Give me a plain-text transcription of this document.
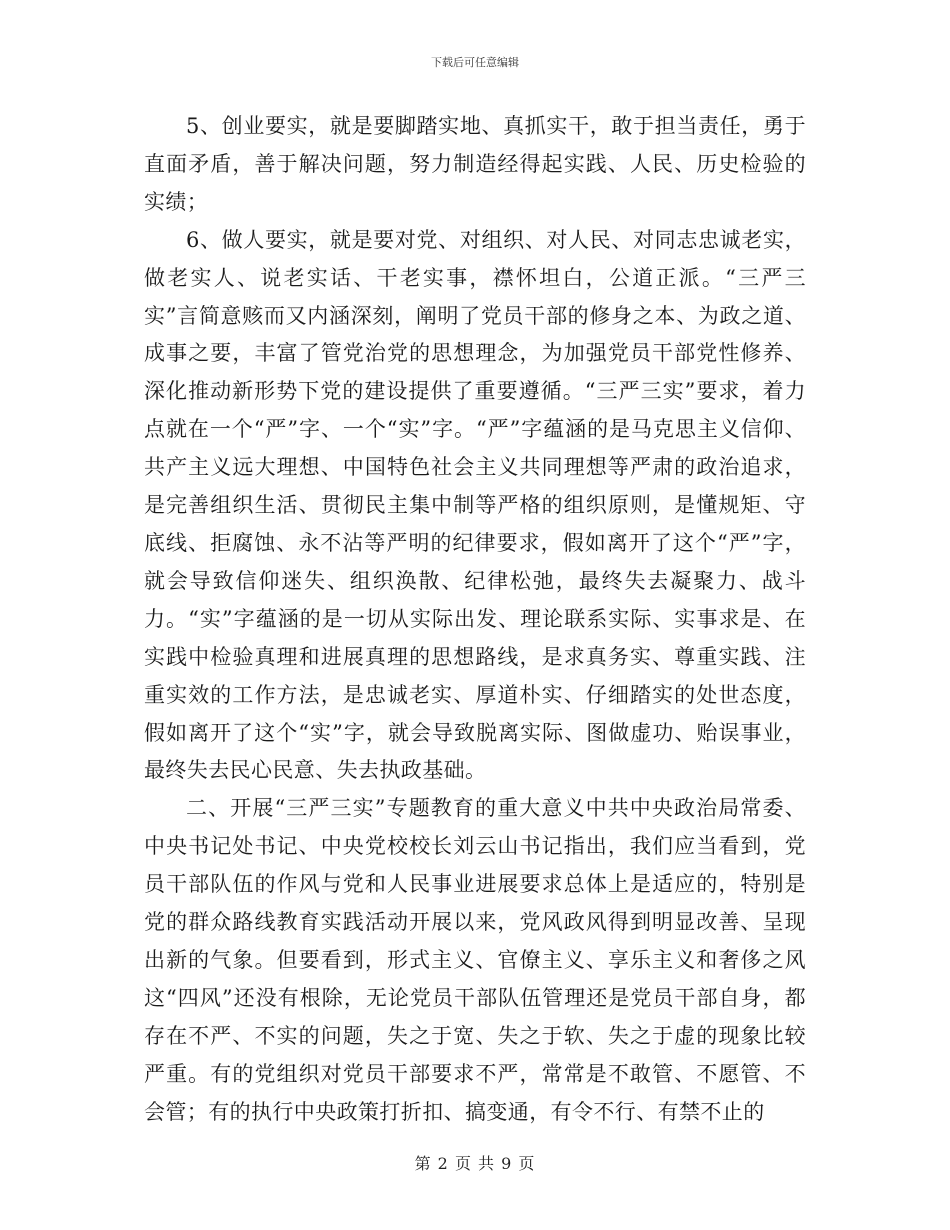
下载后可任意编辑

5、创业要实，就是要脚踏实地、真抓实干，敢于担当责任，勇于直面矛盾，善于解决问题，努力制造经得起实践、人民、历史检验的实绩；

6、做人要实，就是要对党、对组织、对人民、对同志忠诚老实，做老实人、说老实话、干老实事，襟怀坦白，公道正派。“三严三实”言简意赅而又内涵深刻，阐明了党员干部的修身之本、为政之道、成事之要，丰富了管党治党的思想理念，为加强党员干部党性修养、深化推动新形势下党的建设提供了重要遵循。“三严三实”要求，着力点就在一个“严”字、一个“实”字。“严”字蕴涵的是马克思主义信仰、共产主义远大理想、中国特色社会主义共同理想等严肃的政治追求，是完善组织生活、贯彻民主集中制等严格的组织原则，是懂规矩、守底线、拒腐蚀、永不沾等严明的纪律要求，假如离开了这个“严”字，就会导致信仰迷失、组织涣散、纪律松弛，最终失去凝聚力、战斗力。“实”字蕴涵的是一切从实际出发、理论联系实际、实事求是、在实践中检验真理和进展真理的思想路线，是求真务实、尊重实践、注重实效的工作方法，是忠诚老实、厚道朴实、仔细踏实的处世态度，假如离开了这个“实”字，就会导致脱离实际、图做虚功、贻误事业，最终失去民心民意、失去执政基础。

二、开展“三严三实”专题教育的重大意义中共中央政治局常委、中央书记处书记、中央党校校长刘云山书记指出，我们应当看到，党员干部队伍的作风与党和人民事业进展要求总体上是适应的，特别是党的群众路线教育实践活动开展以来，党风政风得到明显改善、呈现出新的气象。但要看到，形式主义、官僚主义、享乐主义和奢侈之风这“四风”还没有根除，无论党员干部队伍管理还是党员干部自身，都存在不严、不实的问题，失之于宽、失之于软、失之于虚的现象比较严重。有的党组织对党员干部要求不严，常常是不敢管、不愿管、不会管；有的执行中央政策打折扣、搞变通，有令不行、有禁不止的

第 2 页 共 9 页
